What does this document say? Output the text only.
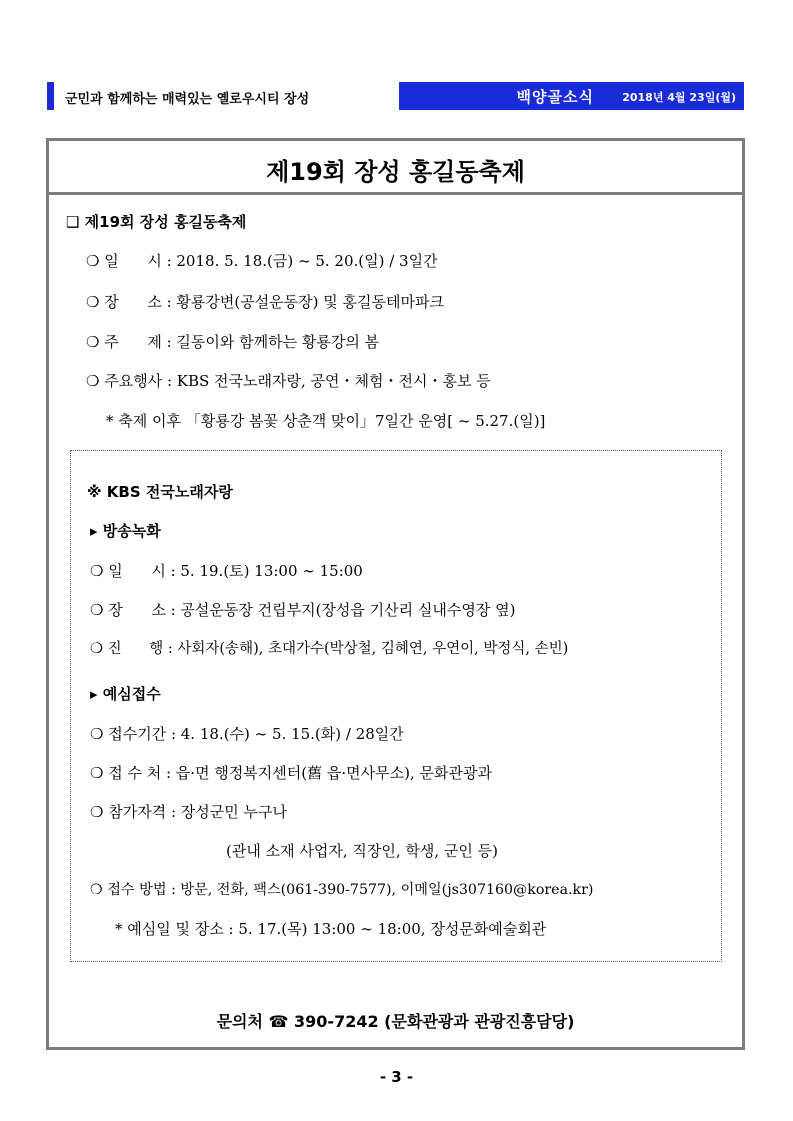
군민과 함께하는 매력있는 옐로우시티 장성	백양골소식	2018년 4월 23일(월)
제19회 장성 홍길동축제
❑ 제19회 장성 홍길동축제
❍ 일      시 : 2018. 5. 18.(금) ~ 5. 20.(일) / 3일간
❍ 장      소 : 황룡강변(공설운동장) 및 홍길동테마파크
❍ 주      제 : 길동이와 함께하는 황룡강의 봄
❍ 주요행사 : KBS 전국노래자랑, 공연・체험・전시・홍보 등
* 축제 이후 「황룡강 봄꽃 상춘객 맞이」7일간 운영[ ~ 5.27.(일)]
※ KBS 전국노래자랑
▸ 방송녹화
❍ 일      시 : 5. 19.(토) 13:00 ∼ 15:00
❍ 장      소 : 공설운동장 건립부지(장성읍 기산리 실내수영장 옆)
❍ 진      행 : 사회자(송해), 초대가수(박상철, 김혜연, 우연이, 박정식, 손빈)
▸ 예심접수
❍ 접수기간 : 4. 18.(수) ~ 5. 15.(화) / 28일간
❍ 접 수 처 : 읍·면 행정복지센터(舊 읍·면사무소), 문화관광과
❍ 참가자격 : 장성군민 누구나
(관내 소재 사업자, 직장인, 학생, 군인 등)
❍ 접수 방법 : 방문, 전화, 팩스(061-390-7577), 이메일(js307160@korea.kr)
* 예심일 및 장소 : 5. 17.(목) 13:00 ∼ 18:00, 장성문화예술회관
문의처 ☎ 390-7242 (문화관광과 관광진흥담당)
- 3 -
